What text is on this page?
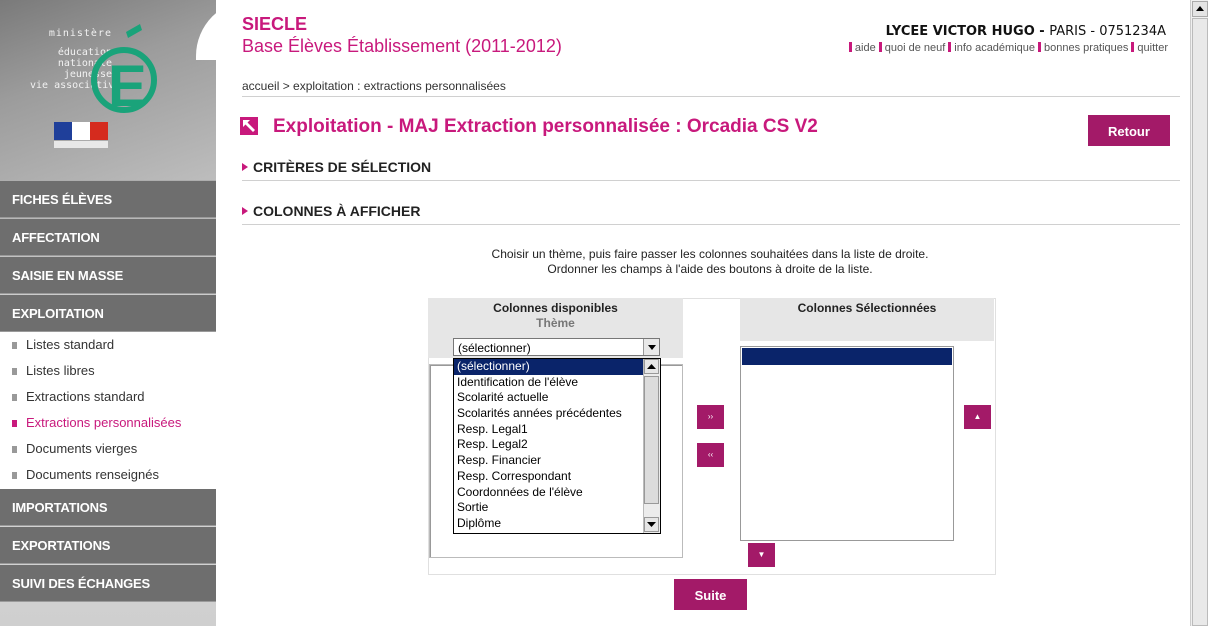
ministère
éducation
nationale
jeunesse
vie associative
E
FICHES ÉLÈVES
AFFECTATION
SAISIE EN MASSE
EXPLOITATION
Listes standard
Listes libres
Extractions standard
Extractions personnalisées
Documents vierges
Documents renseignés
IMPORTATIONS
EXPORTATIONS
SUIVI DES ÉCHANGES
SIECLE
Base Élèves Établissement (2011-2012)
LYCEE VICTOR HUGO - PARIS - 0751234A
aide quoi de neuf info académique bonnes pratiques quitter
accueil > exploitation : extractions personnalisées
Exploitation - MAJ Extraction personnalisée : Orcadia CS V2	Retour
CRITÈRES DE SÉLECTION
COLONNES À AFFICHER
Choisir un thème, puis faire passer les colonnes souhaitées dans la liste de droite.
Ordonner les champs à l'aide des boutons à droite de la liste.
Colonnes disponibles
Thème
Colonnes Sélectionnées
(sélectionner)
(sélectionner)
Identification de l'élève
Scolarité actuelle
Scolarités années précédentes
Resp. Legal1
Resp. Legal2
Resp. Financier
Resp. Correspondant
Coordonnées de l'élève
Sortie
Diplôme
››
‹‹
▲
▼
Suite
